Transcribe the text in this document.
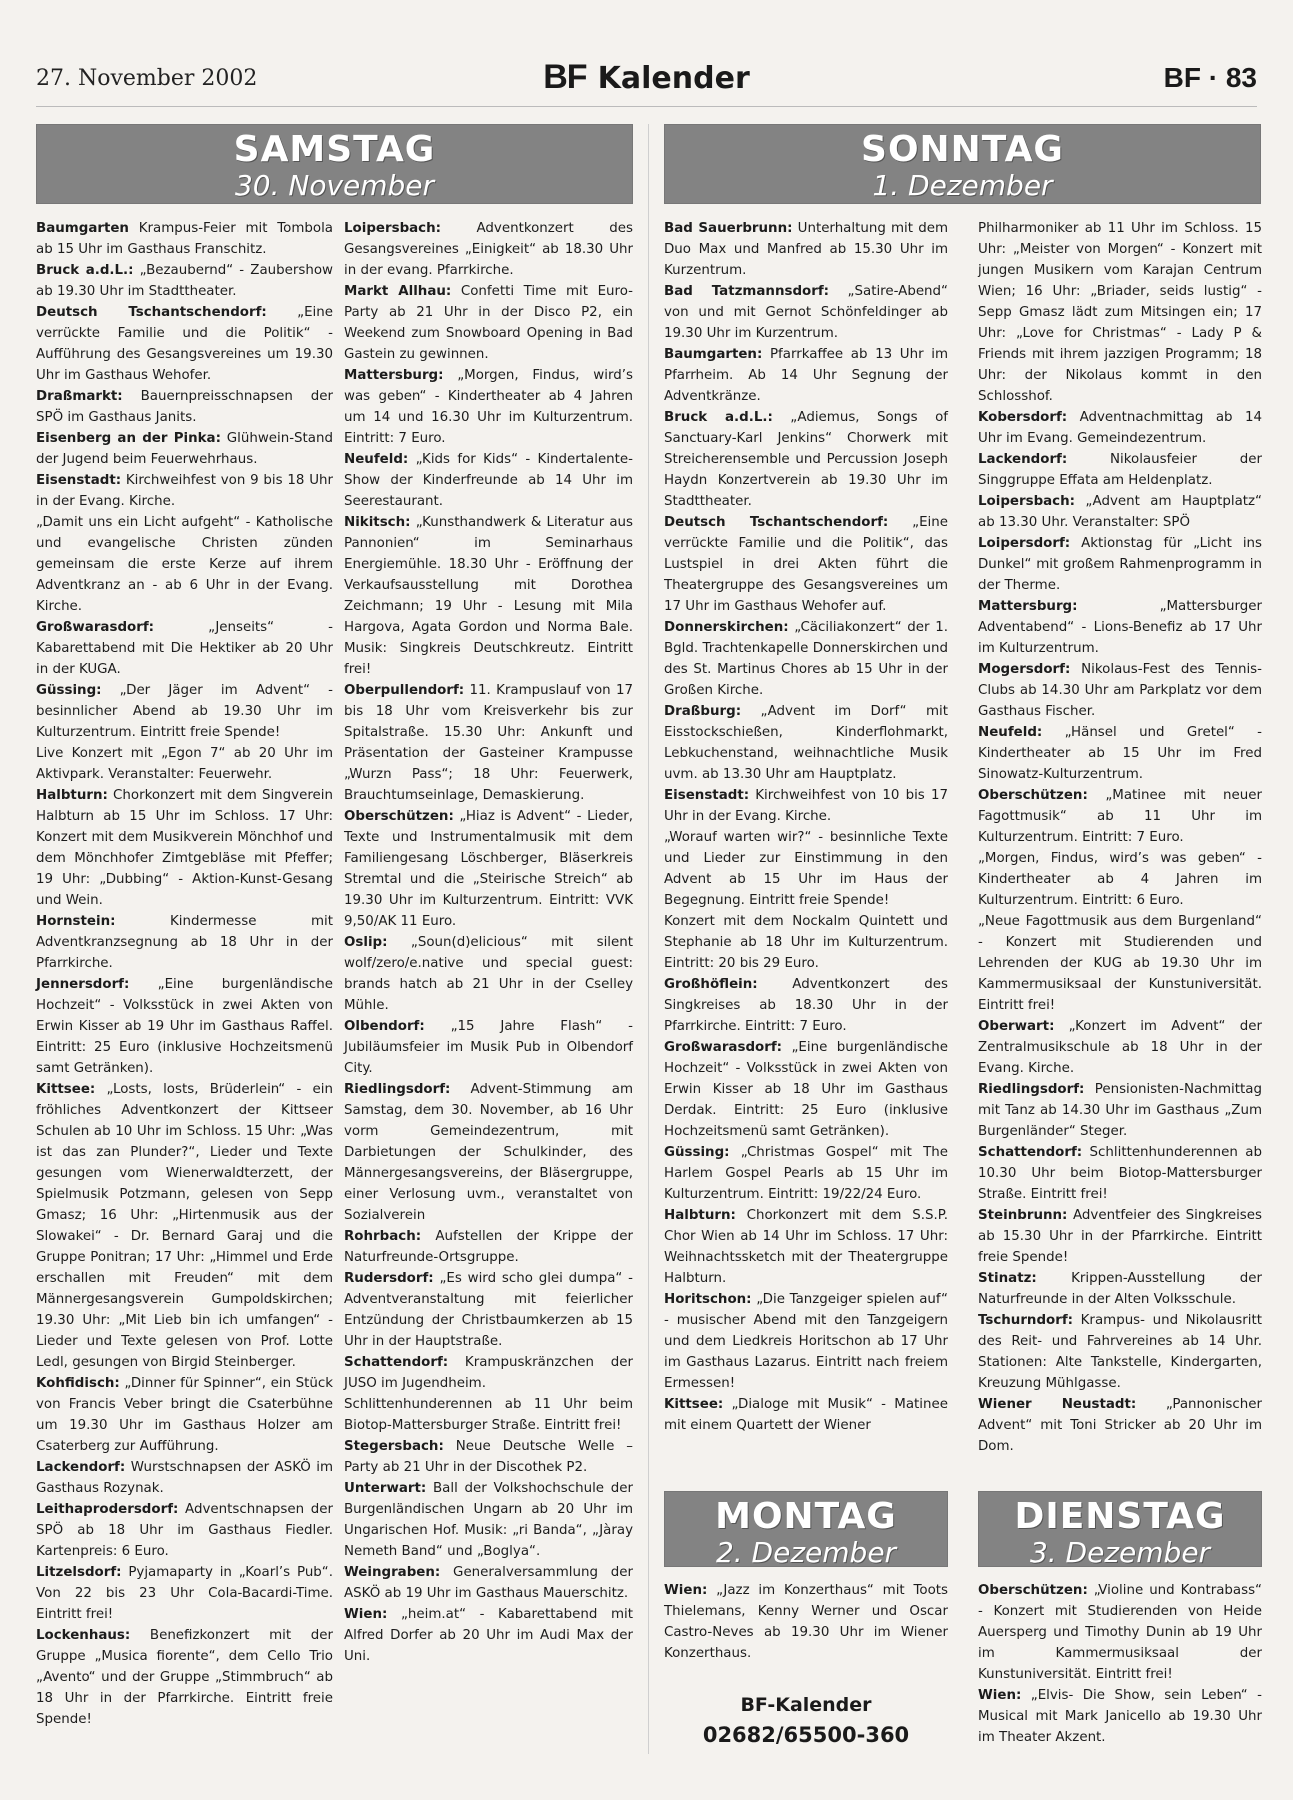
27. November 2002	BF Kalender	BF · 83
SAMSTAG
30. November
SONNTAG
1. Dezember
MONTAG
2. Dezember
DIENSTAG
3. Dezember

Baumgarten Krampus-Feier mit Tombola ab 15 Uhr im Gasthaus Franschitz.

Bruck a.d.L.: „Bezaubernd“ - Zaubershow ab 19.30 Uhr im Stadttheater.

Deutsch Tschantschendorf: „Eine verrückte Familie und die Politik“ - Aufführung des Gesangsvereines um 19.30 Uhr im Gasthaus Wehofer.

Draßmarkt: Bauernpreisschnapsen der SPÖ im Gasthaus Janits.

Eisenberg an der Pinka: Glühwein-Stand der Jugend beim Feuerwehrhaus.

Eisenstadt: Kirchweihfest von 9 bis 18 Uhr in der Evang. Kirche.

„Damit uns ein Licht aufgeht“ - Katholische und evangelische Christen zünden gemeinsam die erste Kerze auf ihrem Adventkranz an - ab 6 Uhr in der Evang. Kirche.

Großwarasdorf: „Jenseits“ - Kabarettabend mit Die Hektiker ab 20 Uhr in der KUGA.

Güssing: „Der Jäger im Advent“ - besinnlicher Abend ab 19.30 Uhr im Kulturzentrum. Eintritt freie Spende!

Live Konzert mit „Egon 7“ ab 20 Uhr im Aktivpark. Veranstalter: Feuerwehr.

Halbturn: Chorkonzert mit dem Singverein Halbturn ab 15 Uhr im Schloss. 17 Uhr: Konzert mit dem Musikverein Mönchhof und dem Mönchhofer Zimtgebläse mit Pfeffer; 19 Uhr: „Dubbing“ - Aktion-Kunst-Gesang und Wein.

Hornstein: Kindermesse mit Adventkranzsegnung ab 18 Uhr in der Pfarrkirche.

Jennersdorf: „Eine burgenländische Hochzeit“ - Volksstück in zwei Akten von Erwin Kisser ab 19 Uhr im Gasthaus Raffel. Eintritt: 25 Euro (inklusive Hochzeitsmenü samt Getränken).

Kittsee: „Losts, losts, Brüderlein“ - ein fröhliches Adventkonzert der Kittseer Schulen ab 10 Uhr im Schloss. 15 Uhr: „Was ist das zan Plunder?“, Lieder und Texte gesungen vom Wienerwaldterzett, der Spielmusik Potzmann, gelesen von Sepp Gmasz; 16 Uhr: „Hirtenmusik aus der Slowakei“ - Dr. Bernard Garaj und die Gruppe Ponitran; 17 Uhr: „Himmel und Erde erschallen mit Freuden“ mit dem Männergesangsverein Gumpoldskirchen; 19.30 Uhr: „Mit Lieb bin ich umfangen“ - Lieder und Texte gelesen von Prof. Lotte Ledl, gesungen von Birgid Steinberger.

Kohfidisch: „Dinner für Spinner“, ein Stück von Francis Veber bringt die Csaterbühne um 19.30 Uhr im Gasthaus Holzer am Csaterberg zur Aufführung.

Lackendorf: Wurstschnapsen der ASKÖ im Gasthaus Rozynak.

Leithaprodersdorf: Adventschnapsen der SPÖ ab 18 Uhr im Gasthaus Fiedler. Kartenpreis: 6 Euro.

Litzelsdorf: Pyjamaparty in „Koarl’s Pub“. Von 22 bis 23 Uhr Cola-Bacardi-Time. Eintritt frei!

Lockenhaus: Benefizkonzert mit der Gruppe „Musica fiorente“, dem Cello Trio „Avento“ und der Gruppe „Stimmbruch“ ab 18 Uhr in der Pfarrkirche. Eintritt freie Spende!

Loipersbach: Adventkonzert des Gesangsvereines „Einigkeit“ ab 18.30 Uhr in der evang. Pfarrkirche.

Markt Allhau: Confetti Time mit Euro-Party ab 21 Uhr in der Disco P2, ein Weekend zum Snowboard Opening in Bad Gastein zu gewinnen.

Mattersburg: „Morgen, Findus, wird’s was geben“ - Kindertheater ab 4 Jahren um 14 und 16.30 Uhr im Kulturzentrum. Eintritt: 7 Euro.

Neufeld: „Kids for Kids“ - Kindertalente-Show der Kinderfreunde ab 14 Uhr im Seerestaurant.

Nikitsch: „Kunsthandwerk & Literatur aus Pannonien“ im Seminarhaus Energiemühle. 18.30 Uhr - Eröffnung der Verkaufsausstellung mit Dorothea Zeichmann; 19 Uhr - Lesung mit Mila Hargova, Agata Gordon und Norma Bale. Musik: Singkreis Deutschkreutz. Eintritt frei!

Oberpullendorf: 11. Krampuslauf von 17 bis 18 Uhr vom Kreisverkehr bis zur Spitalstraße. 15.30 Uhr: Ankunft und Präsentation der Gasteiner Krampusse „Wurzn Pass“; 18 Uhr: Feuerwerk, Brauchtumseinlage, Demaskierung.

Oberschützen: „Hiaz is Advent“ - Lieder, Texte und Instrumentalmusik mit dem Familiengesang Löschberger, Bläserkreis Stremtal und die „Steirische Streich“ ab 19.30 Uhr im Kulturzentrum. Eintritt: VVK 9,50/AK 11 Euro.

Oslip: „Soun(d)elicious“ mit silent wolf/zero/e.native und special guest: brands hatch ab 21 Uhr in der Cselley Mühle.

Olbendorf: „15 Jahre Flash“ - Jubiläumsfeier im Musik Pub in Olbendorf City.

Riedlingsdorf: Advent-Stimmung am Samstag, dem 30. November, ab 16 Uhr vorm Gemeindezentrum, mit Darbietungen der Schulkinder, des Männergesangsvereins, der Bläsergruppe, einer Verlosung uvm., veranstaltet von Sozialverein

Rohrbach: Aufstellen der Krippe der Naturfreunde-Ortsgruppe.

Rudersdorf: „Es wird scho glei dumpa“ - Adventveranstaltung mit feierlicher Entzündung der Christbaumkerzen ab 15 Uhr in der Hauptstraße.

Schattendorf: Krampuskränzchen der JUSO im Jugendheim.

Schlittenhunderennen ab 11 Uhr beim Biotop-Mattersburger Straße. Eintritt frei!

Stegersbach: Neue Deutsche Welle – Party ab 21 Uhr in der Discothek P2.

Unterwart: Ball der Volkshochschule der Burgenländischen Ungarn ab 20 Uhr im Ungarischen Hof. Musik: „ri Banda“, „Jàray Nemeth Band“ und „Boglya“.

Weingraben: Generalversammlung der ASKÖ ab 19 Uhr im Gasthaus Mauerschitz.

Wien: „heim.at“ - Kabarettabend mit Alfred Dorfer ab 20 Uhr im Audi Max der Uni.

Bad Sauerbrunn: Unterhaltung mit dem Duo Max und Manfred ab 15.30 Uhr im Kurzentrum.

Bad Tatzmannsdorf: „Satire-Abend“ von und mit Gernot Schönfeldinger ab 19.30 Uhr im Kurzentrum.

Baumgarten: Pfarrkaffee ab 13 Uhr im Pfarrheim. Ab 14 Uhr Segnung der Adventkränze.

Bruck a.d.L.: „Adiemus, Songs of Sanctuary-Karl Jenkins“ Chorwerk mit Streicherensemble und Percussion Joseph Haydn Konzertverein ab 19.30 Uhr im Stadttheater.

Deutsch Tschantschendorf: „Eine verrückte Familie und die Politik“, das Lustspiel in drei Akten führt die Theatergruppe des Gesangsvereines um 17 Uhr im Gasthaus Wehofer auf.

Donnerskirchen: „Cäciliakonzert“ der 1. Bgld. Trachtenkapelle Donnerskirchen und des St. Martinus Chores ab 15 Uhr in der Großen Kirche.

Draßburg: „Advent im Dorf“ mit Eisstockschießen, Kinderflohmarkt, Lebkuchenstand, weihnachtliche Musik uvm. ab 13.30 Uhr am Hauptplatz.

Eisenstadt: Kirchweihfest von 10 bis 17 Uhr in der Evang. Kirche.

„Worauf warten wir?“ - besinnliche Texte und Lieder zur Einstimmung in den Advent ab 15 Uhr im Haus der Begegnung. Eintritt freie Spende!

Konzert mit dem Nockalm Quintett und Stephanie ab 18 Uhr im Kulturzentrum. Eintritt: 20 bis 29 Euro.

Großhöflein: Adventkonzert des Singkreises ab 18.30 Uhr in der Pfarrkirche. Eintritt: 7 Euro.

Großwarasdorf: „Eine burgenländische Hochzeit“ - Volksstück in zwei Akten von Erwin Kisser ab 18 Uhr im Gasthaus Derdak. Eintritt: 25 Euro (inklusive Hochzeitsmenü samt Getränken).

Güssing: „Christmas Gospel“ mit The Harlem Gospel Pearls ab 15 Uhr im Kulturzentrum. Eintritt: 19/22/24 Euro.

Halbturn: Chorkonzert mit dem S.S.P. Chor Wien ab 14 Uhr im Schloss. 17 Uhr: Weihnachtssketch mit der Theatergruppe Halbturn.

Horitschon: „Die Tanzgeiger spielen auf“ - musischer Abend mit den Tanzgeigern und dem Liedkreis Horitschon ab 17 Uhr im Gasthaus Lazarus. Eintritt nach freiem Ermessen!

Kittsee: „Dialoge mit Musik“ - Matinee mit einem Quartett der Wiener

Philharmoniker ab 11 Uhr im Schloss. 15 Uhr: „Meister von Morgen“ - Konzert mit jungen Musikern vom Karajan Centrum Wien; 16 Uhr: „Briader, seids lustig“ - Sepp Gmasz lädt zum Mitsingen ein; 17 Uhr: „Love for Christmas“ - Lady P & Friends mit ihrem jazzigen Programm; 18 Uhr: der Nikolaus kommt in den Schlosshof.

Kobersdorf: Adventnachmittag ab 14 Uhr im Evang. Gemeindezentrum.

Lackendorf: Nikolausfeier der Singgruppe Effata am Heldenplatz.

Loipersbach: „Advent am Hauptplatz“ ab 13.30 Uhr. Veranstalter: SPÖ

Loipersdorf: Aktionstag für „Licht ins Dunkel“ mit großem Rahmenprogramm in der Therme.

Mattersburg: „Mattersburger Adventabend“ - Lions-Benefiz ab 17 Uhr im Kulturzentrum.

Mogersdorf: Nikolaus-Fest des Tennis-Clubs ab 14.30 Uhr am Parkplatz vor dem Gasthaus Fischer.

Neufeld: „Hänsel und Gretel“ - Kindertheater ab 15 Uhr im Fred Sinowatz-Kulturzentrum.

Oberschützen: „Matinee mit neuer Fagottmusik“ ab 11 Uhr im Kulturzentrum. Eintritt: 7 Euro.

„Morgen, Findus, wird’s was geben“ - Kindertheater ab 4 Jahren im Kulturzentrum. Eintritt: 6 Euro.

„Neue Fagottmusik aus dem Burgenland“ - Konzert mit Studierenden und Lehrenden der KUG ab 19.30 Uhr im Kammermusiksaal der Kunstuniversität. Eintritt frei!

Oberwart: „Konzert im Advent“ der Zentralmusikschule ab 18 Uhr in der Evang. Kirche.

Riedlingsdorf: Pensionisten-Nachmittag mit Tanz ab 14.30 Uhr im Gasthaus „Zum Burgenländer“ Steger.

Schattendorf: Schlittenhunderennen ab 10.30 Uhr beim Biotop-Mattersburger Straße. Eintritt frei!

Steinbrunn: Adventfeier des Singkreises ab 15.30 Uhr in der Pfarrkirche. Eintritt freie Spende!

Stinatz: Krippen-Ausstellung der Naturfreunde in der Alten Volksschule.

Tschurndorf: Krampus- und Nikolausritt des Reit- und Fahrvereines ab 14 Uhr. Stationen: Alte Tankstelle, Kindergarten, Kreuzung Mühlgasse.

Wiener Neustadt: „Pannonischer Advent“ mit Toni Stricker ab 20 Uhr im Dom.

Wien: „Jazz im Konzerthaus“ mit Toots Thielemans, Kenny Werner und Oscar Castro-Neves ab 19.30 Uhr im Wiener Konzerthaus.

Oberschützen: „Violine und Kontrabass“ - Konzert mit Studierenden von Heide Auersperg und Timothy Dunin ab 19 Uhr im Kammermusiksaal der Kunstuniversität. Eintritt frei!

Wien: „Elvis- Die Show, sein Leben“ - Musical mit Mark Janicello ab 19.30 Uhr im Theater Akzent.

BF-Kalender
02682/65500-360
